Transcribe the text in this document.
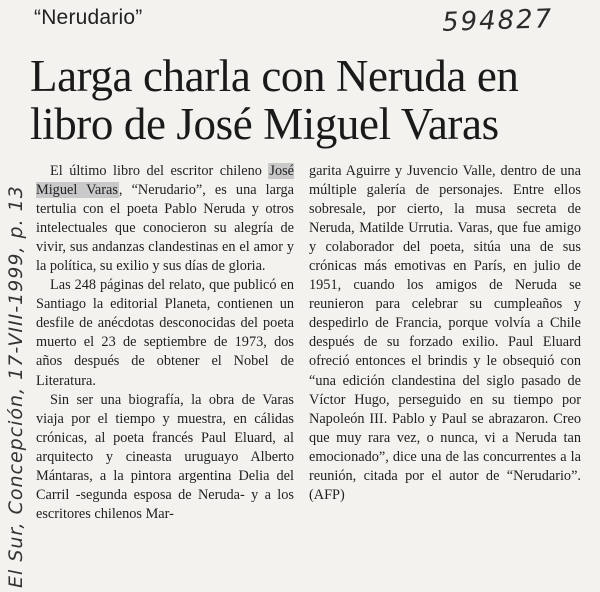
“Nerudario”	594827
Larga charla con Neruda en
libro de José Miguel Varas
El Sur, Concepción, 17-VIII-1999, p. 13

El último libro del escritor chileno José Miguel Varas, “Nerudario”, es una larga tertulia con el poeta Pablo Neruda y otros intelectuales que conocieron su alegría de vivir, sus andanzas clandestinas en el amor y la política, su exilio y sus días de gloria.

Las 248 páginas del relato, que publicó en Santiago la editorial Planeta, contienen un desfile de anécdotas desconocidas del poeta muerto el 23 de septiembre de 1973, dos años después de obtener el Nobel de Literatura.

Sin ser una biografía, la obra de Varas viaja por el tiempo y muestra, en cálidas crónicas, al poeta francés Paul Eluard, al arquitecto y cineasta uruguayo Alberto Mántaras, a la pintora argentina Delia del Carril -segunda esposa de Neruda- y a los escritores chilenos Mar-

garita Aguirre y Juvencio Valle, dentro de una múltiple galería de personajes. Entre ellos sobresale, por cierto, la musa secreta de Neruda, Matilde Urrutia. Varas, que fue amigo y colaborador del poeta, sitúa una de sus crónicas más emotivas en París, en julio de 1951, cuando los amigos de Neruda se reunieron para celebrar su cumpleaños y despedirlo de Francia, porque volvía a Chile después de su forzado exilio. Paul Eluard ofreció entonces el brindis y le obsequió con “una edición clandestina del siglo pasado de Víctor Hugo, perseguido en su tiempo por Napoleón III. Pablo y Paul se abrazaron. Creo que muy rara vez, o nunca, vi a Neruda tan emocionado”, dice una de las concurrentes a la reunión, citada por el autor de “Nerudario”. (AFP)
